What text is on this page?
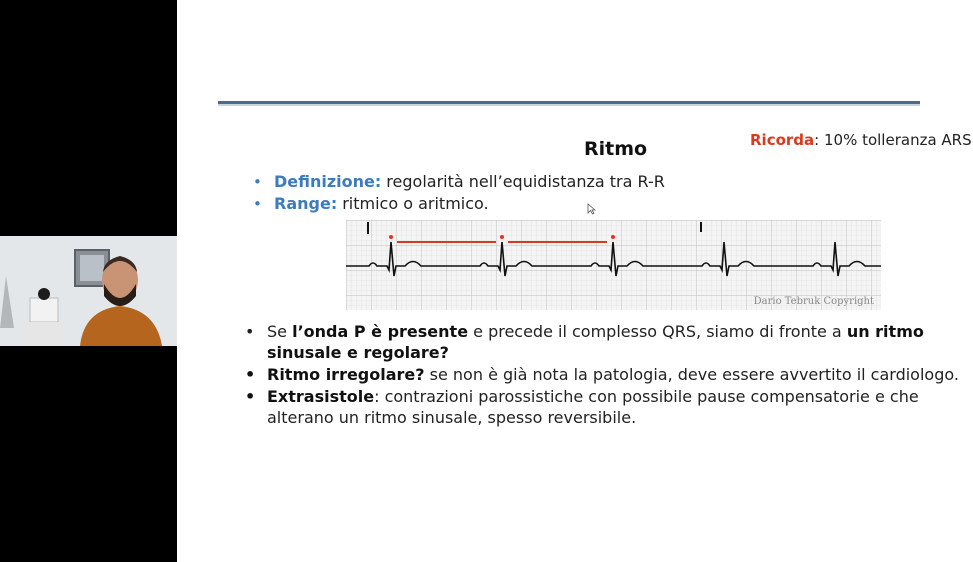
Ricorda: 10% tolleranza ARS
Ritmo
• Definizione: regolarità nell’equidistanza tra R-R
• Range: ritmico o aritmico.
Dario Tebruk Copyright
• Se l’onda P è presente e precede il complesso QRS, siamo di fronte a un ritmo sinusale e regolare?
• Ritmo irregolare? se non è già nota la patologia, deve essere avvertito il cardiologo.
• Extrasistole: contrazioni parossistiche con possibile pause compensatorie e che alterano un ritmo sinusale, spesso reversibile.
